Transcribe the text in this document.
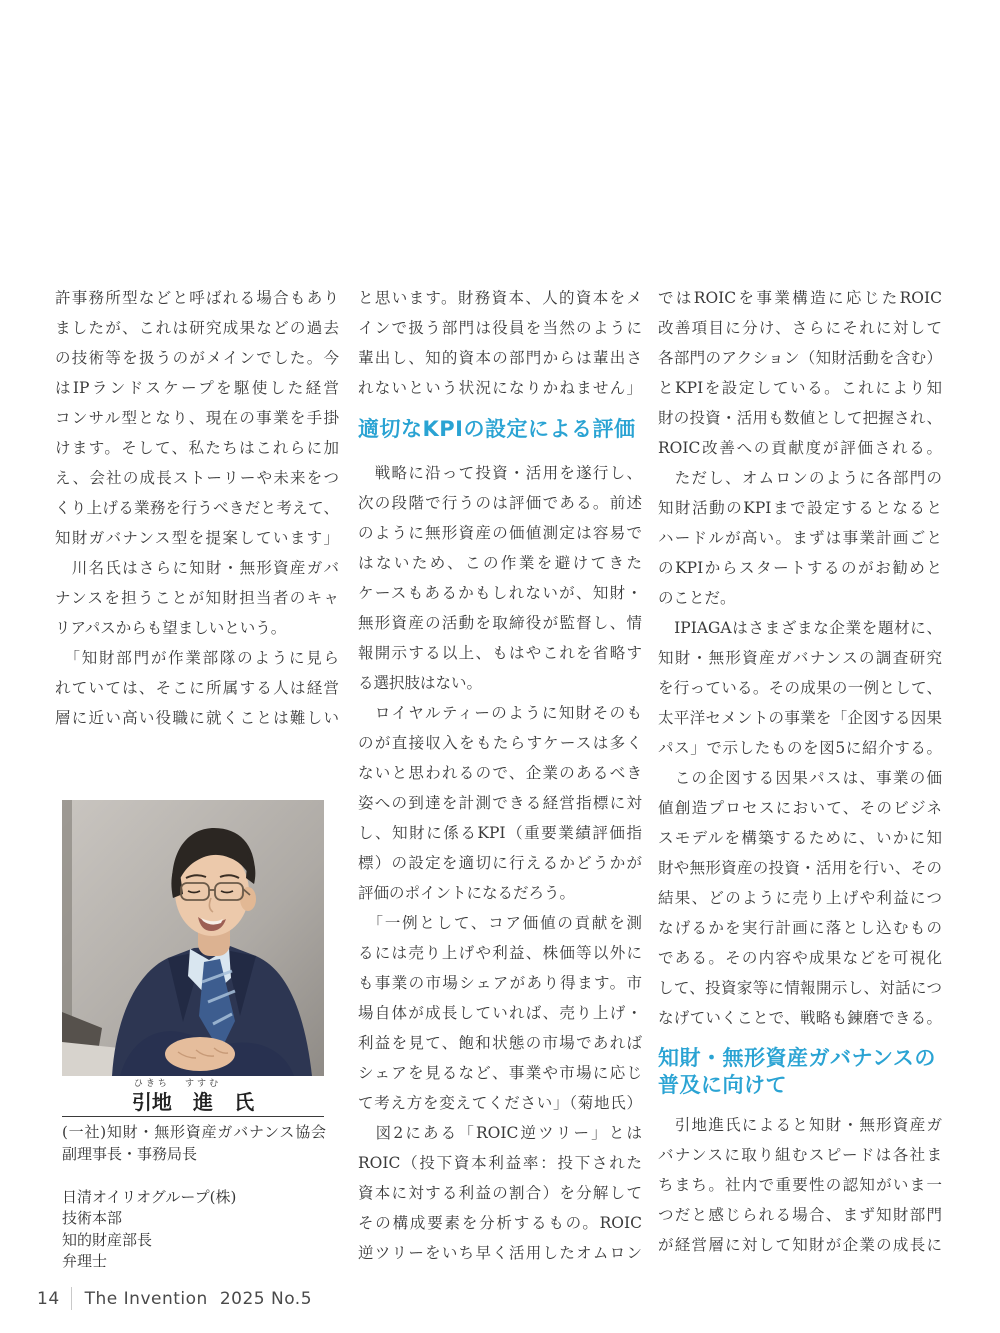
許事務所型などと呼ばれる場合もあり
ましたが、これは研究成果などの過去
の技術等を扱うのがメインでした。今
はIPランドスケープを駆使した経営
コンサル型となり、現在の事業を手掛
けます。そして、私たちはこれらに加
え、会社の成長ストーリーや未来をつ
くり上げる業務を行うべきだと考えて、
知財ガバナンス型を提案しています」
　川名氏はさらに知財・無形資産ガバ
ナンスを担うことが知財担当者のキャ
リアパスからも望ましいという。
　「知財部門が作業部隊のように見ら
れていては、そこに所属する人は経営
層に近い高い役職に就くことは難しい
と思います。財務資本、人的資本をメ
インで扱う部門は役員を当然のように
輩出し、知的資本の部門からは輩出さ
れないという状況になりかねません」
適切なKPIの設定による評価
　戦略に沿って投資・活用を遂行し、
次の段階で行うのは評価である。前述
のように無形資産の価値測定は容易で
はないため、この作業を避けてきた
ケースもあるかもしれないが、知財・
無形資産の活動を取締役が監督し、情
報開示する以上、もはやこれを省略す
る選択肢はない。
　ロイヤルティーのように知財そのも
のが直接収入をもたらすケースは多く
ないと思われるので、企業のあるべき
姿への到達を計測できる経営指標に対
し、知財に係るKPI（重要業績評価指
標）の設定を適切に行えるかどうかが
評価のポイントになるだろう。
　「一例として、コア価値の貢献を測
るには売り上げや利益、株価等以外に
も事業の市場シェアがあり得ます。市
場自体が成長していれば、売り上げ・
利益を見て、飽和状態の市場であれば
シェアを見るなど、事業や市場に応じ
て考え方を変えてください」（菊地氏）
　図2にある「ROIC逆ツリー」とは
ROIC（投下資本利益率：投下された
資本に対する利益の割合）を分解して
その構成要素を分析するもの。ROIC
逆ツリーをいち早く活用したオムロン
ではROICを事業構造に応じたROIC
改善項目に分け、さらにそれに対して
各部門のアクション（知財活動を含む）
とKPIを設定している。これにより知
財の投資・活用も数値として把握され、
ROIC改善への貢献度が評価される。
　ただし、オムロンのように各部門の
知財活動のKPIまで設定するとなると
ハードルが高い。まずは事業計画ごと
のKPIからスタートするのがお勧めと
のことだ。
　IPIAGAはさまざまな企業を題材に、
知財・無形資産ガバナンスの調査研究
を行っている。その成果の一例として、
太平洋セメントの事業を「企図する因果
パス」で示したものを図5に紹介する。
　この企図する因果パスは、事業の価
値創造プロセスにおいて、そのビジネ
スモデルを構築するために、いかに知
財や無形資産の投資・活用を行い、その
結果、どのように売り上げや利益につ
なげるかを実行計画に落とし込むもの
である。その内容や成果などを可視化
して、投資家等に情報開示し、対話につ
なげていくことで、戦略も錬磨できる。
知財・無形資産ガバナンスの
普及に向けて
　引地進氏によると知財・無形資産ガ
バナンスに取り組むスピードは各社ま
ちまち。社内で重要性の認知がいま一
つだと感じられる場合、まず知財部門
が経営層に対して知財が企業の成長に
ひきち
引地

すすむ
進

氏
(一社)知財・無形資産ガバナンス協会
副理事長・事務局長

日清オイリオグループ(株)
技術本部
知的財産部長
弁理士
14 The Invention 2025 No.5
